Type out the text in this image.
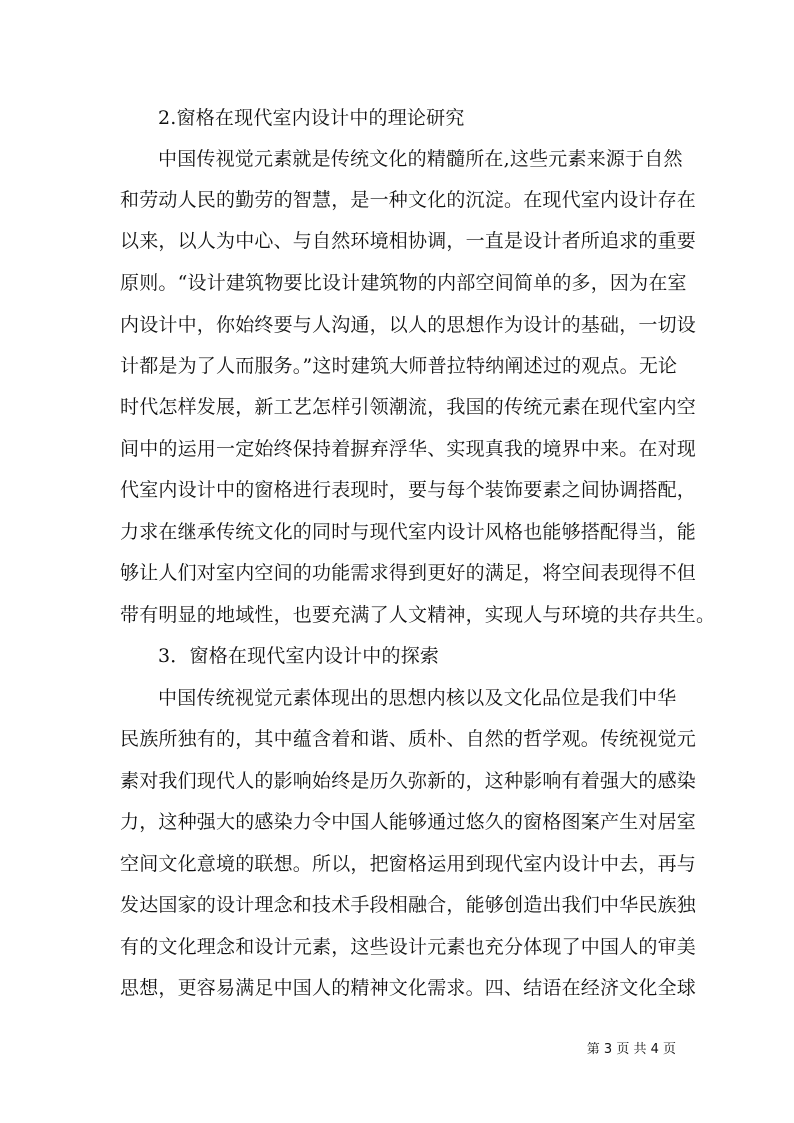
2.窗格在现代室内设计中的理论研究
中国传视觉元素就是传统文化的精髓所在,这些元素来源于自然
和劳动人民的勤劳的智慧，是一种文化的沉淀。在现代室内设计存在
以来，以人为中心、与自然环境相协调，一直是设计者所追求的重要
原则。“设计建筑物要比设计建筑物的内部空间简单的多，因为在室
内设计中，你始终要与人沟通，以人的思想作为设计的基础，一切设
计都是为了人而服务。”这时建筑大师普拉特纳阐述过的观点。无论
时代怎样发展，新工艺怎样引领潮流，我国的传统元素在现代室内空
间中的运用一定始终保持着摒弃浮华、实现真我的境界中来。在对现
代室内设计中的窗格进行表现时，要与每个装饰要素之间协调搭配，
力求在继承传统文化的同时与现代室内设计风格也能够搭配得当，能
够让人们对室内空间的功能需求得到更好的满足，将空间表现得不但
带有明显的地域性，也要充满了人文精神，实现人与环境的共存共生。
3．窗格在现代室内设计中的探索
中国传统视觉元素体现出的思想内核以及文化品位是我们中华
民族所独有的，其中蕴含着和谐、质朴、自然的哲学观。传统视觉元
素对我们现代人的影响始终是历久弥新的，这种影响有着强大的感染
力，这种强大的感染力令中国人能够通过悠久的窗格图案产生对居室
空间文化意境的联想。所以，把窗格运用到现代室内设计中去，再与
发达国家的设计理念和技术手段相融合，能够创造出我们中华民族独
有的文化理念和设计元素，这些设计元素也充分体现了中国人的审美
思想，更容易满足中国人的精神文化需求。四、结语在经济文化全球
第 3 页 共 4 页
